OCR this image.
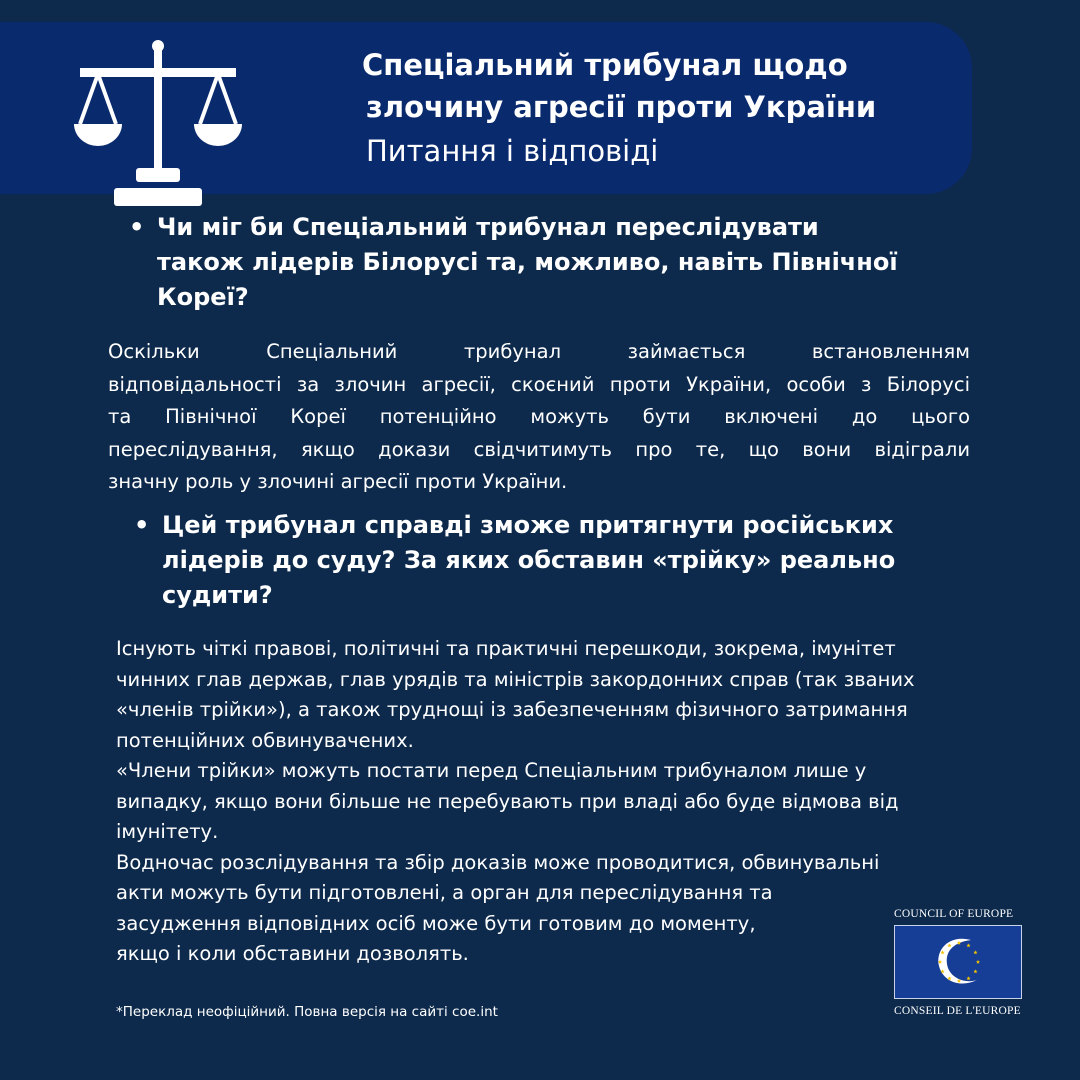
Спеціальний трибунал щодо
злочину агресії проти України
Питання і відповіді
• Чи міг би Спеціальний трибунал переслідувати
також лідерів Білорусі та, можливо, навіть Північної
Кореї?
Оскільки Спеціальний трибунал займається встановленням
відповідальності за злочин агресії, скоєний проти України, особи з Білорусі
та Північної Кореї потенційно можуть бути включені до цього
переслідування, якщо докази свідчитимуть про те, що вони відіграли
значну роль у злочині агресії проти України.
• Цей трибунал справді зможе притягнути російських
лідерів до суду? За яких обставин «трійку» реально
судити?
Існують чіткі правові, політичні та практичні перешкоди, зокрема, імунітет
чинних глав держав, глав урядів та міністрів закордонних справ (так званих
«членів трійки»), а також труднощі із забезпеченням фізичного затримання
потенційних обвинувачених.
«Члени трійки» можуть постати перед Спеціальним трибуналом лише у
випадку, якщо вони більше не перебувають при владі або буде відмова від
імунітету.
Водночас розслідування та збір доказів може проводитися, обвинувальні
акти можуть бути підготовлені, а орган для переслідування та
засудження відповідних осіб може бути готовим до моменту,
якщо і коли обставини дозволять.
*Переклад неофіційний. Повна версія на сайті coe.int
COUNCIL OF EUROPE
CONSEIL DE L'EUROPE
